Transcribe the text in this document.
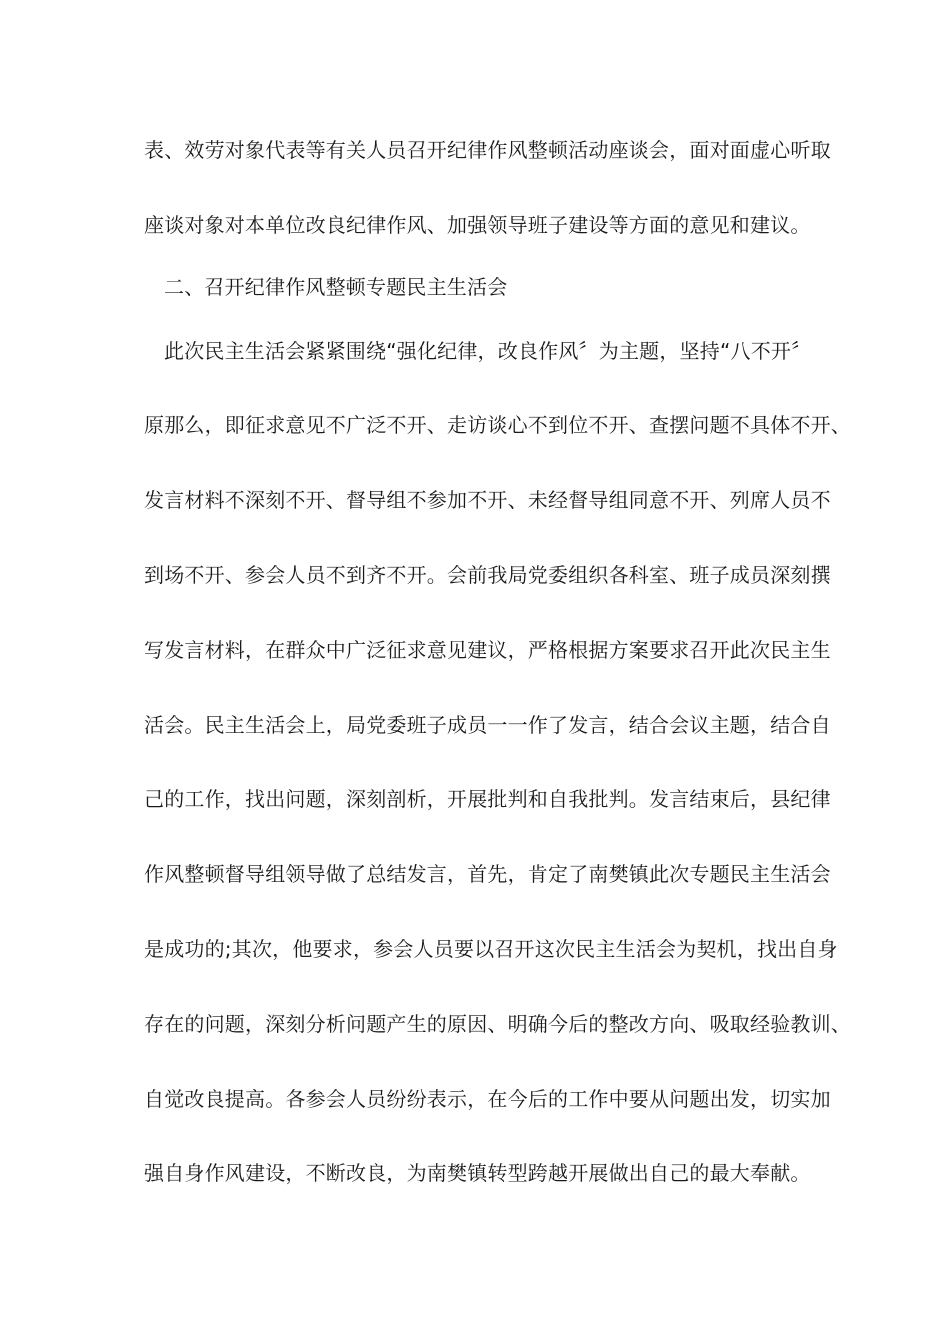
表、效劳对象代表等有关人员召开纪律作风整顿活动座谈会，面对面虚心听取
座谈对象对本单位改良纪律作风、加强领导班子建设等方面的意见和建议。
二、召开纪律作风整顿专题民主生活会
此次民主生活会紧紧围绕“强化纪律，改良作风〞为主题，坚持“八不开〞
原那么，即征求意见不广泛不开、走访谈心不到位不开、查摆问题不具体不开、
发言材料不深刻不开、督导组不参加不开、未经督导组同意不开、列席人员不
到场不开、参会人员不到齐不开。会前我局党委组织各科室、班子成员深刻撰
写发言材料，在群众中广泛征求意见建议，严格根据方案要求召开此次民主生
活会。民主生活会上，局党委班子成员一一作了发言，结合会议主题，结合自
己的工作，找出问题，深刻剖析，开展批判和自我批判。发言结束后，县纪律
作风整顿督导组领导做了总结发言，首先，肯定了南樊镇此次专题民主生活会
是成功的;其次，他要求，参会人员要以召开这次民主生活会为契机，找出自身
存在的问题，深刻分析问题产生的原因、明确今后的整改方向、吸取经验教训、
自觉改良提高。各参会人员纷纷表示，在今后的工作中要从问题出发，切实加
强自身作风建设，不断改良，为南樊镇转型跨越开展做出自己的最大奉献。
